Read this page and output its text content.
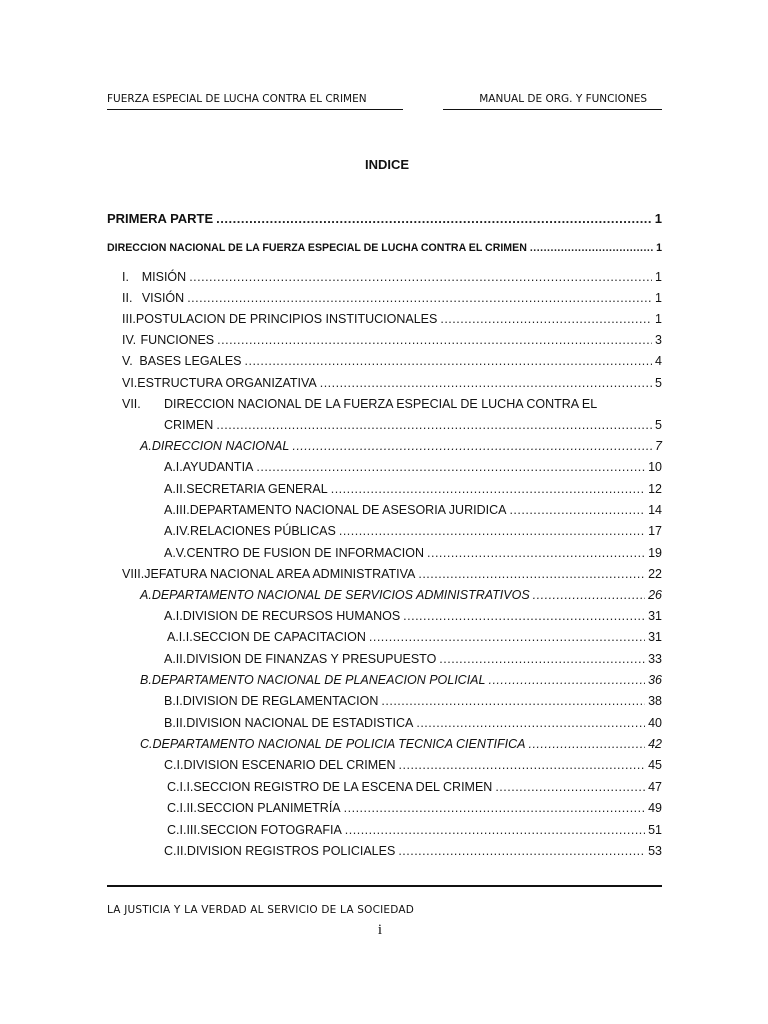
FUERZA ESPECIAL DE LUCHA CONTRA EL CRIMEN	MANUAL DE ORG. Y FUNCIONES
INDICE
PRIMERA PARTE .....	1
DIRECCION NACIONAL DE LA FUERZA ESPECIAL DE LUCHA CONTRA EL CRIMEN .....	1
I.	MISIÓN .....	1
II. VISIÓN .....	1
III. POSTULACION DE PRINCIPIOS INSTITUCIONALES .....	1
IV. FUNCIONES .....	3
V. BASES LEGALES .....	4
VI. ESTRUCTURA ORGANIZATIVA .....	5
VII.	DIRECCION NACIONAL DE LA FUERZA ESPECIAL DE LUCHA CONTRA EL
CRIMEN .....	5
A. DIRECCION NACIONAL .....	7
A.I. AYUDANTIA .....	10
A.II. SECRETARIA GENERAL .....	12
A.III. DEPARTAMENTO NACIONAL DE ASESORIA JURIDICA .....	14
A.IV. RELACIONES PÚBLICAS .....	17
A.V. CENTRO DE FUSION DE INFORMACION .....	19
VIII. JEFATURA NACIONAL AREA ADMINISTRATIVA .....	22
A. DEPARTAMENTO NACIONAL DE SERVICIOS ADMINISTRATIVOS .....	26
A.I. DIVISION DE RECURSOS HUMANOS .....	31
A.I.I. SECCION DE CAPACITACION .....	31
A.II. DIVISION DE FINANZAS Y PRESUPUESTO .....	33
B. DEPARTAMENTO NACIONAL DE PLANEACION POLICIAL .....	36
B.I. DIVISION DE REGLAMENTACION .....	38
B.II. DIVISION NACIONAL DE ESTADISTICA .....	40
C. DEPARTAMENTO NACIONAL DE POLICIA TECNICA CIENTIFICA .....	42
C.I. DIVISION ESCENARIO DEL CRIMEN .....	45
C.I.I. SECCION REGISTRO DE LA ESCENA DEL CRIMEN .....	47
C.I.II. SECCION PLANIMETRÍA .....	49
C.I.III. SECCION FOTOGRAFIA .....	51
C.II. DIVISION REGISTROS POLICIALES .....	53
LA JUSTICIA Y LA VERDAD AL SERVICIO DE LA SOCIEDAD
i
